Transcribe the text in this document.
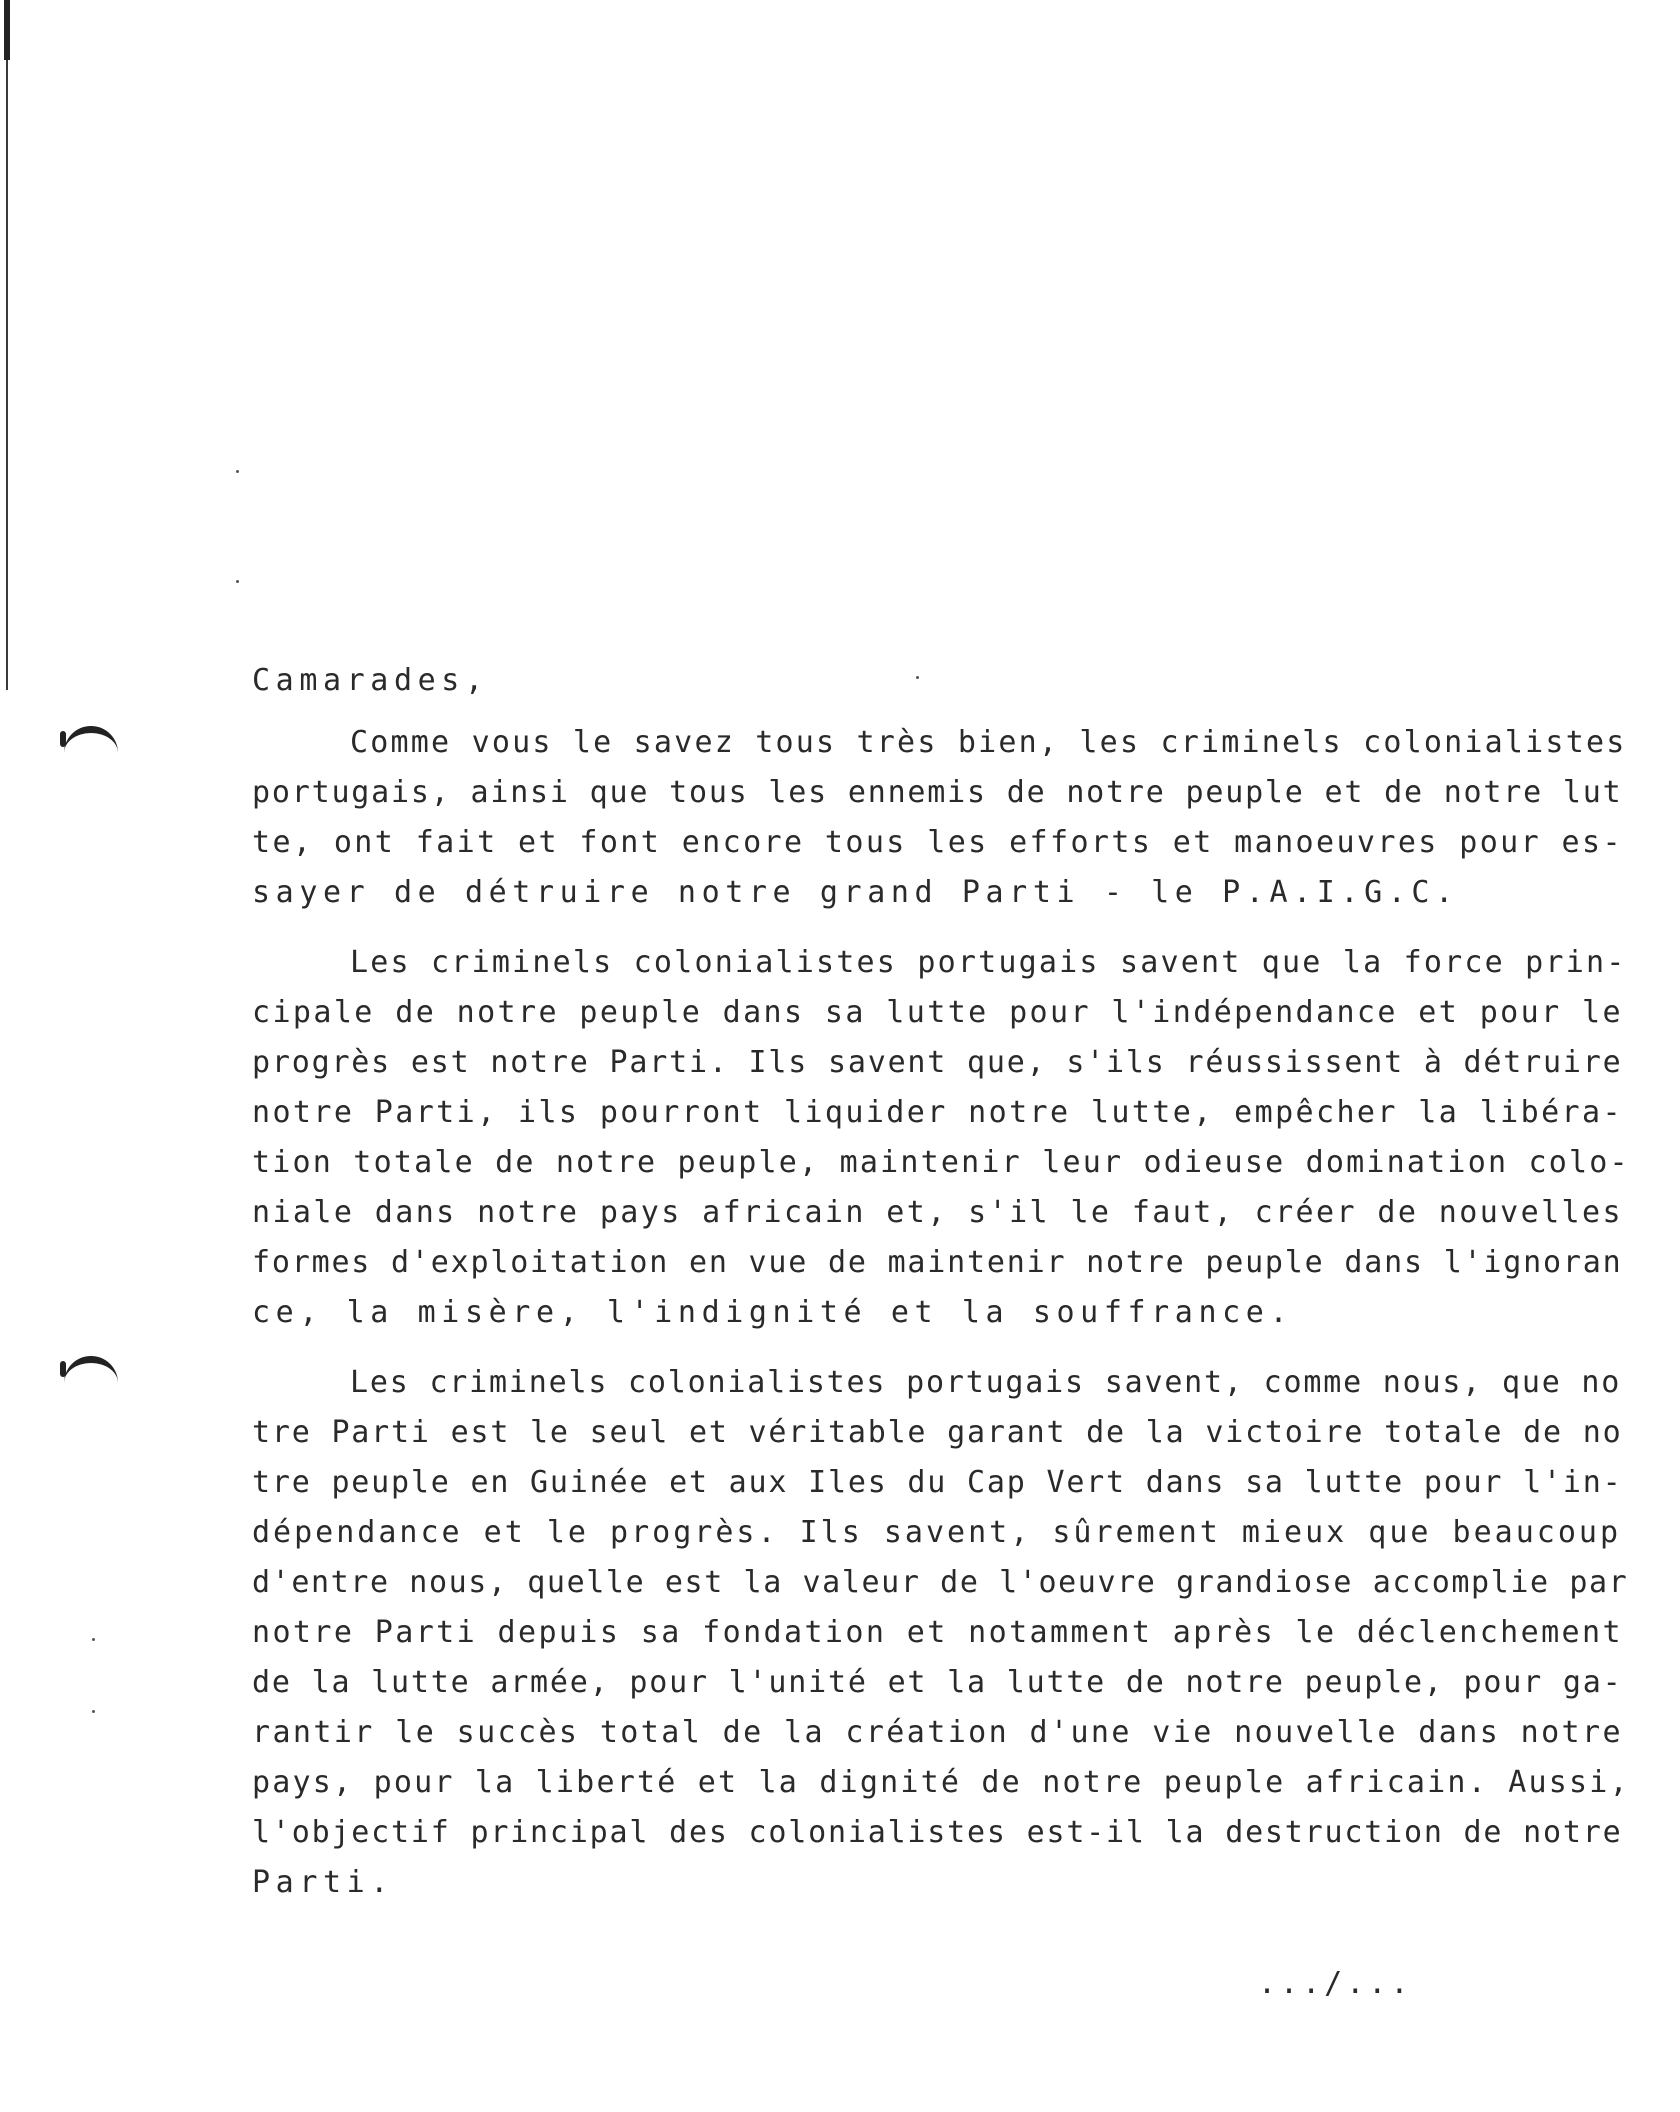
Camarades,
Comme vous le savez tous très bien, les criminels colonialistes
portugais, ainsi que tous les ennemis de notre peuple et de notre lut
te, ont fait et font encore tous les efforts et manoeuvres pour es-
sayer de détruire notre grand Parti - le P.A.I.G.C.
Les criminels colonialistes portugais savent que la force prin-
cipale de notre peuple dans sa lutte pour l'indépendance et pour le
progrès est notre Parti. Ils savent que, s'ils réussissent à détruire
notre Parti, ils pourront liquider notre lutte, empêcher la libéra-
tion totale de notre peuple, maintenir leur odieuse domination colo-
niale dans notre pays africain et, s'il le faut, créer de nouvelles
formes d'exploitation en vue de maintenir notre peuple dans l'ignoran
ce, la misère, l'indignité et la souffrance.
Les criminels colonialistes portugais savent, comme nous, que no
tre Parti est le seul et véritable garant de la victoire totale de no
tre peuple en Guinée et aux Iles du Cap Vert dans sa lutte pour l'in-
dépendance et le progrès. Ils savent, sûrement mieux que beaucoup
d'entre nous, quelle est la valeur de l'oeuvre grandiose accomplie par
notre Parti depuis sa fondation et notamment après le déclenchement
de la lutte armée, pour l'unité et la lutte de notre peuple, pour ga-
rantir le succès total de la création d'une vie nouvelle dans notre
pays, pour la liberté et la dignité de notre peuple africain. Aussi,
l'objectif principal des colonialistes est-il la destruction de notre
Parti.
.../...
